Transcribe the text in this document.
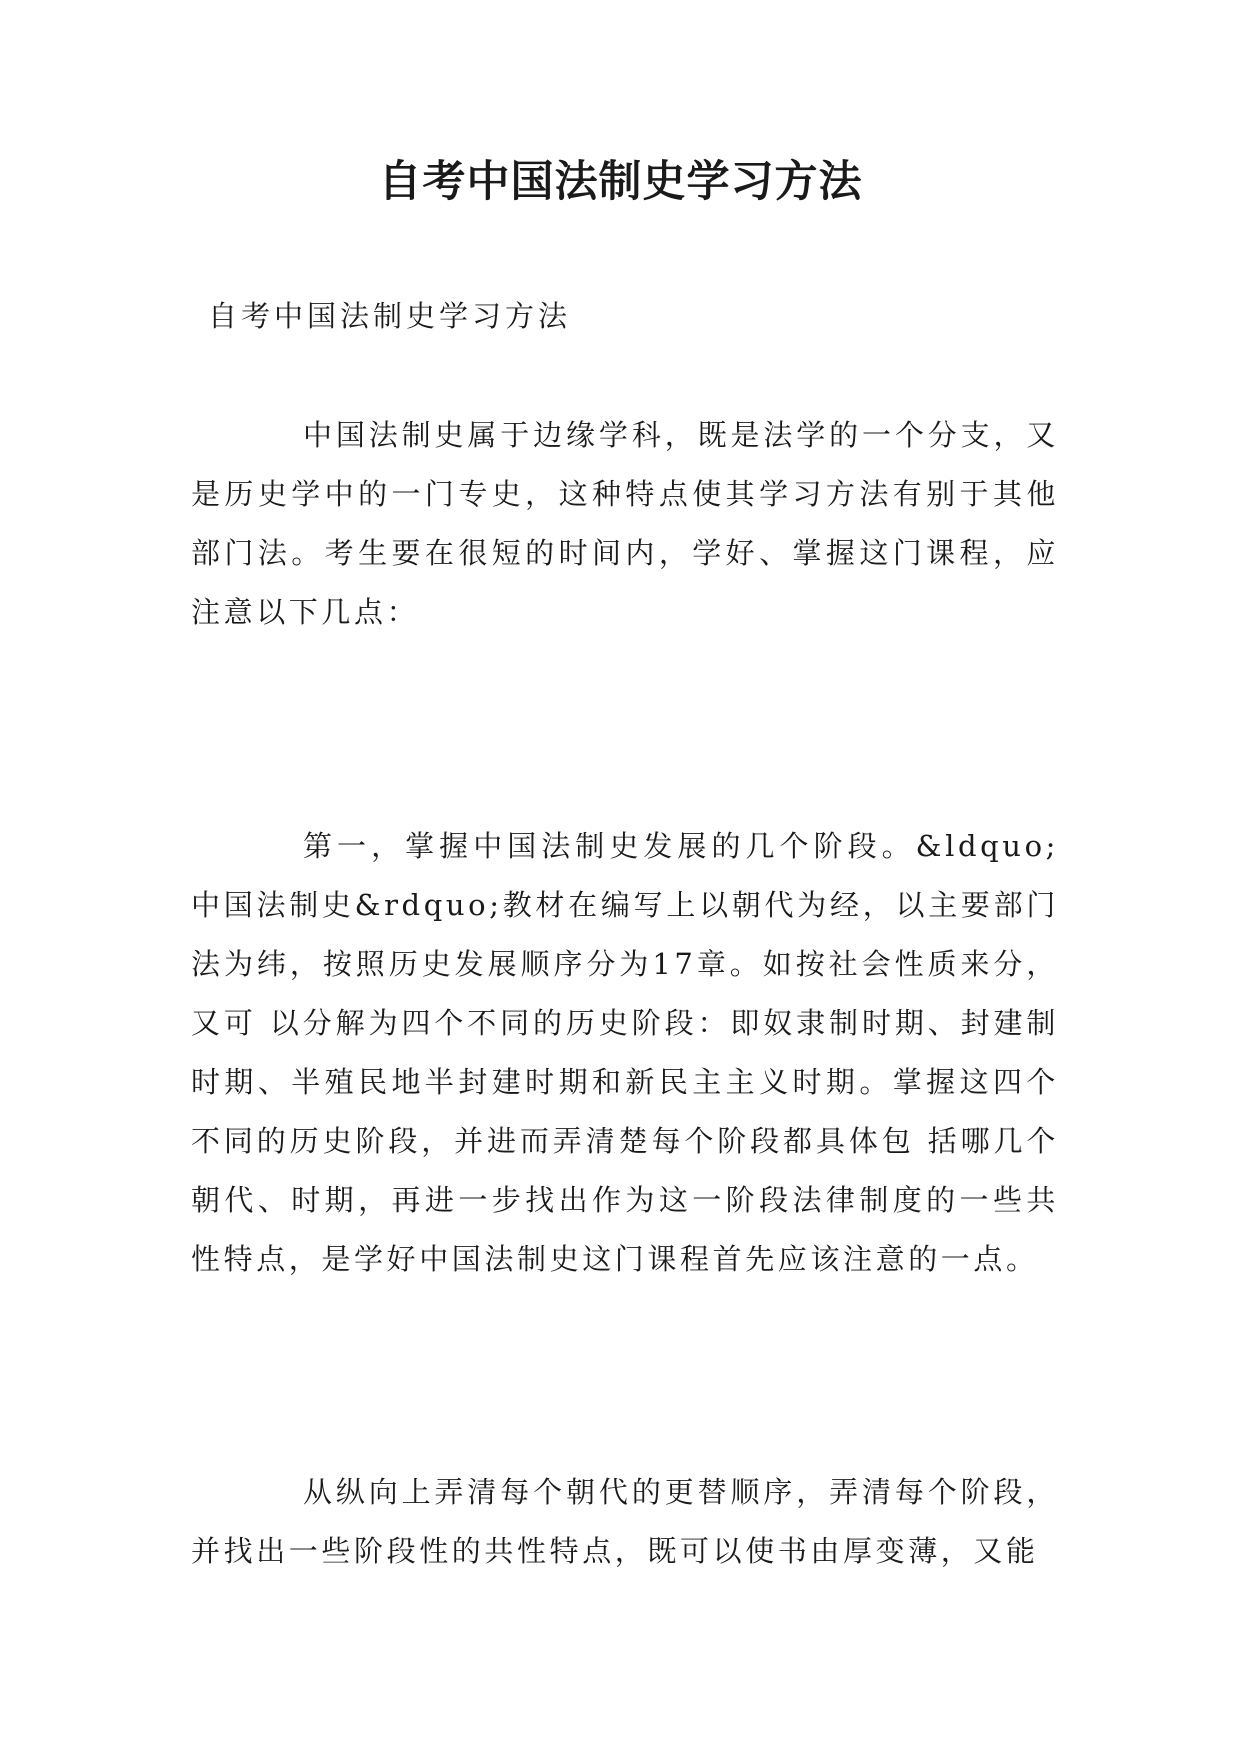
自考中国法制史学习方法

自考中国法制史学习方法

中国法制史属于边缘学科，既是法学的一个分支，又是历史学中的一门专史，这种特点使其学习方法有别于其他部门法。考生要在很短的时间内，学好、掌握这门课程，应注意以下几点：

第一，掌握中国法制史发展的几个阶段。&ldquo;中国法制史&rdquo;教材在编写上以朝代为经，以主要部门法为纬，按照历史发展顺序分为17章。如按社会性质来分，又可 以分解为四个不同的历史阶段：即奴隶制时期、封建制时期、半殖民地半封建时期和新民主主义时期。掌握这四个不同的历史阶段，并进而弄清楚每个阶段都具体包 括哪几个朝代、时期，再进一步找出作为这一阶段法律制度的一些共性特点，是学好中国法制史这门课程首先应该注意的一点。

从纵向上弄清每个朝代的更替顺序，弄清每个阶段，并找出一些阶段性的共性特点，既可以使书由厚变薄，又能
